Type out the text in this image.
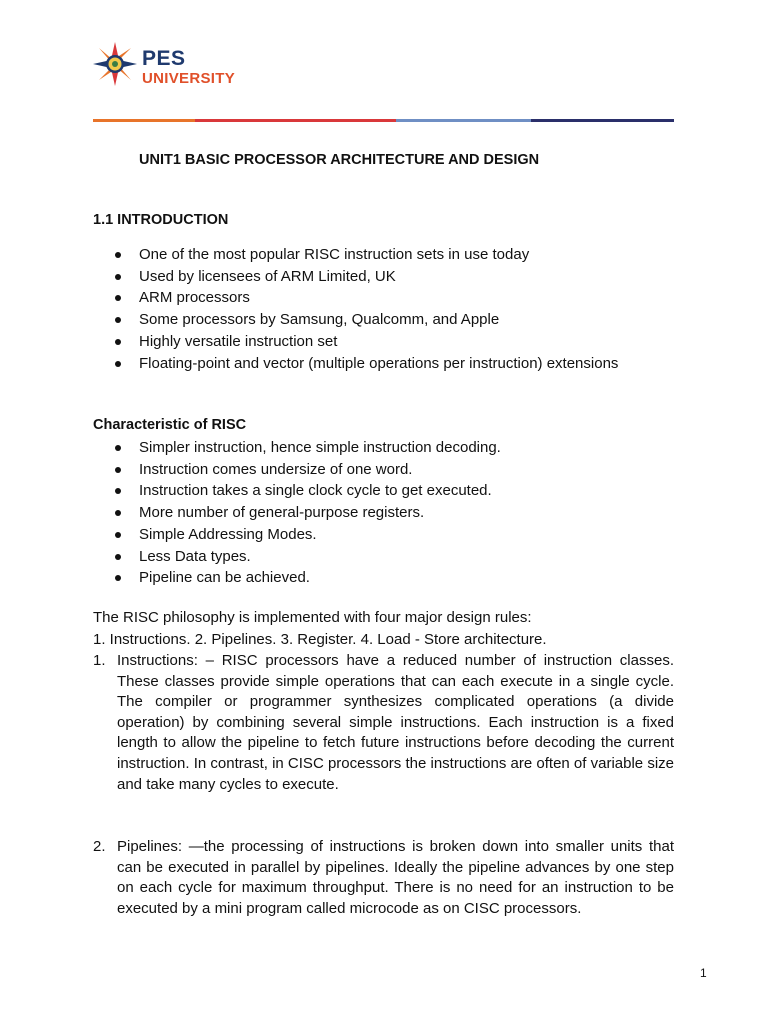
PES
UNIVERSITY
UNIT1 BASIC PROCESSOR ARCHITECTURE AND DESIGN
1.1 INTRODUCTION
One of the most popular RISC instruction sets in use today
Used by licensees of ARM Limited, UK
ARM processors
Some processors by Samsung, Qualcomm, and Apple
Highly versatile instruction set
Floating-point and vector (multiple operations per instruction) extensions
Characteristic of RISC
Simpler instruction, hence simple instruction decoding.
Instruction comes undersize of one word.
Instruction takes a single clock cycle to get executed.
More number of general-purpose registers.
Simple Addressing Modes.
Less Data types.
Pipeline can be achieved.
The RISC philosophy is implemented with four major design rules:
1. Instructions. 2. Pipelines. 3. Register. 4. Load - Store architecture.
1. Instructions: – RISC processors have a reduced number of instruction classes. These classes provide simple operations that can each execute in a single cycle. The compiler or programmer synthesizes complicated operations (a divide operation) by combining several simple instructions. Each instruction is a fixed length to allow the pipeline to fetch future instructions before decoding the current instruction. In contrast, in CISC processors the instructions are often of variable size and take many cycles to execute.
2. Pipelines: —the processing of instructions is broken down into smaller units that can be executed in parallel by pipelines. Ideally the pipeline advances by one step on each cycle for maximum throughput. There is no need for an instruction to be executed by a mini program called microcode as on CISC processors.
1
